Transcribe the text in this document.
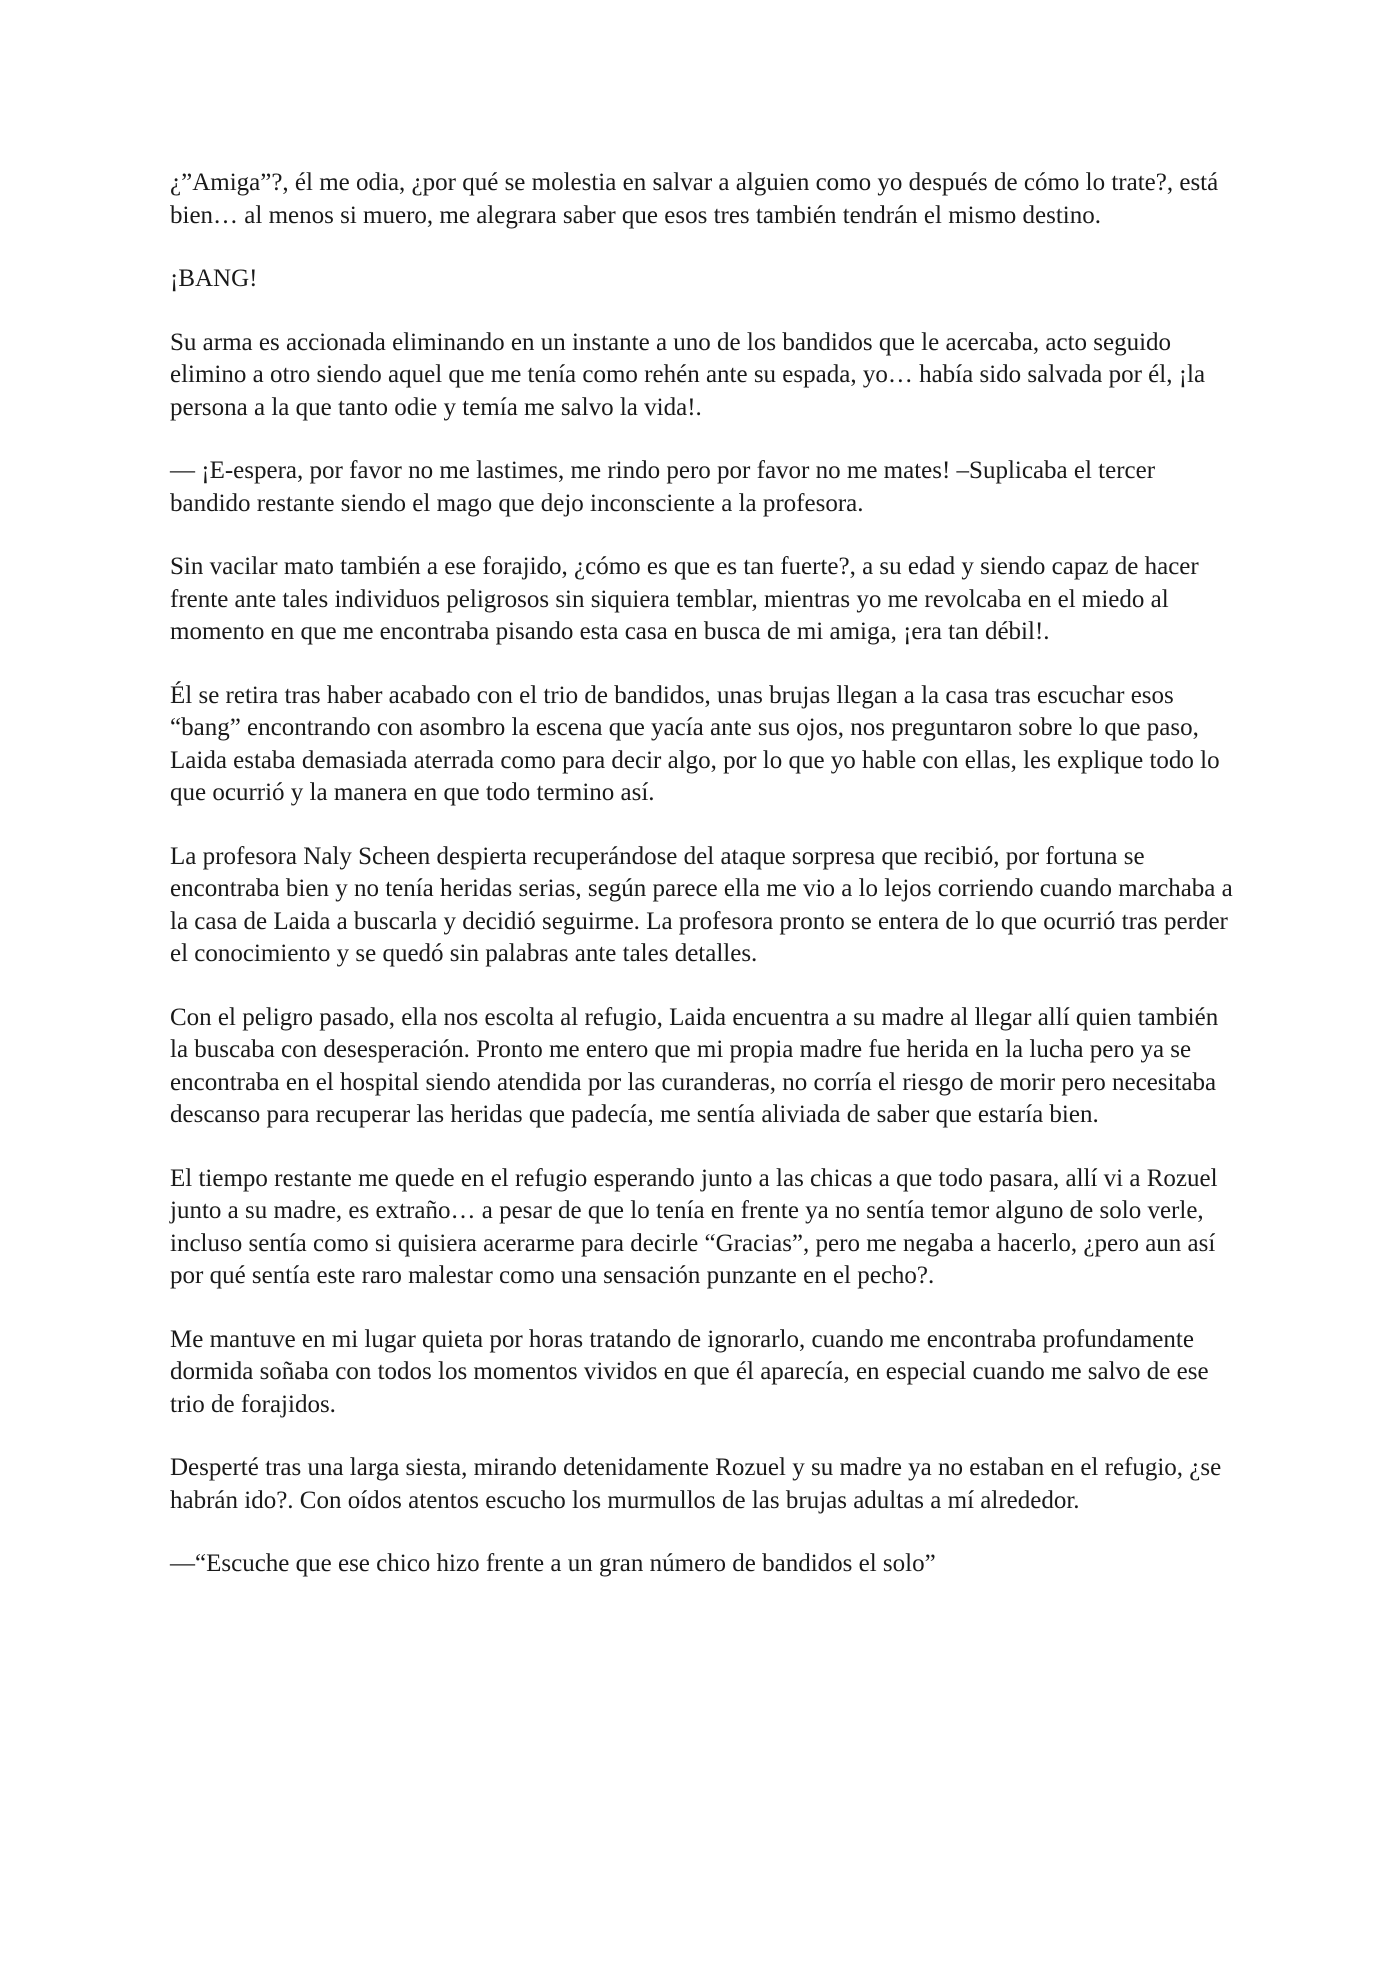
¿”Amiga”?, él me odia, ¿por qué se molestia en salvar a alguien como yo después de cómo lo trate?, está bien… al menos si muero, me alegrara saber que esos tres también tendrán el mismo destino.

¡BANG!

Su arma es accionada eliminando en un instante a uno de los bandidos que le acercaba, acto seguido elimino a otro siendo aquel que me tenía como rehén ante su espada, yo… había sido salvada por él, ¡la persona a la que tanto odie y temía me salvo la vida!.

— ¡E-espera, por favor no me lastimes, me rindo pero por favor no me mates! –Suplicaba el tercer bandido restante siendo el mago que dejo inconsciente a la profesora.

Sin vacilar mato también a ese forajido, ¿cómo es que es tan fuerte?, a su edad y siendo capaz de hacer frente ante tales individuos peligrosos sin siquiera temblar, mientras yo me revolcaba en el miedo al momento en que me encontraba pisando esta casa en busca de mi amiga, ¡era tan débil!.

Él se retira tras haber acabado con el trio de bandidos, unas brujas llegan a la casa tras escuchar esos “bang” encontrando con asombro la escena que yacía ante sus ojos, nos preguntaron sobre lo que paso, Laida estaba demasiada aterrada como para decir algo, por lo que yo hable con ellas, les explique todo lo que ocurrió y la manera en que todo termino así.

La profesora Naly Scheen despierta recuperándose del ataque sorpresa que recibió, por fortuna se encontraba bien y no tenía heridas serias, según parece ella me vio a lo lejos corriendo cuando marchaba a la casa de Laida a buscarla y decidió seguirme. La profesora pronto se entera de lo que ocurrió tras perder el conocimiento y se quedó sin palabras ante tales detalles.

Con el peligro pasado, ella nos escolta al refugio, Laida encuentra a su madre al llegar allí quien también la buscaba con desesperación. Pronto me entero que mi propia madre fue herida en la lucha pero ya se encontraba en el hospital siendo atendida por las curanderas, no corría el riesgo de morir pero necesitaba descanso para recuperar las heridas que padecía, me sentía aliviada de saber que estaría bien.

El tiempo restante me quede en el refugio esperando junto a las chicas a que todo pasara, allí vi a Rozuel junto a su madre, es extraño… a pesar de que lo tenía en frente ya no sentía temor alguno de solo verle, incluso sentía como si quisiera acerarme para decirle “Gracias”, pero me negaba a hacerlo, ¿pero aun así por qué sentía este raro malestar como una sensación punzante en el pecho?.

Me mantuve en mi lugar quieta por horas tratando de ignorarlo, cuando me encontraba profundamente dormida soñaba con todos los momentos vividos en que él aparecía, en especial cuando me salvo de ese trio de forajidos.

Desperté tras una larga siesta, mirando detenidamente Rozuel y su madre ya no estaban en el refugio, ¿se habrán ido?. Con oídos atentos escucho los murmullos de las brujas adultas a mí alrededor.

—“Escuche que ese chico hizo frente a un gran número de bandidos el solo”
